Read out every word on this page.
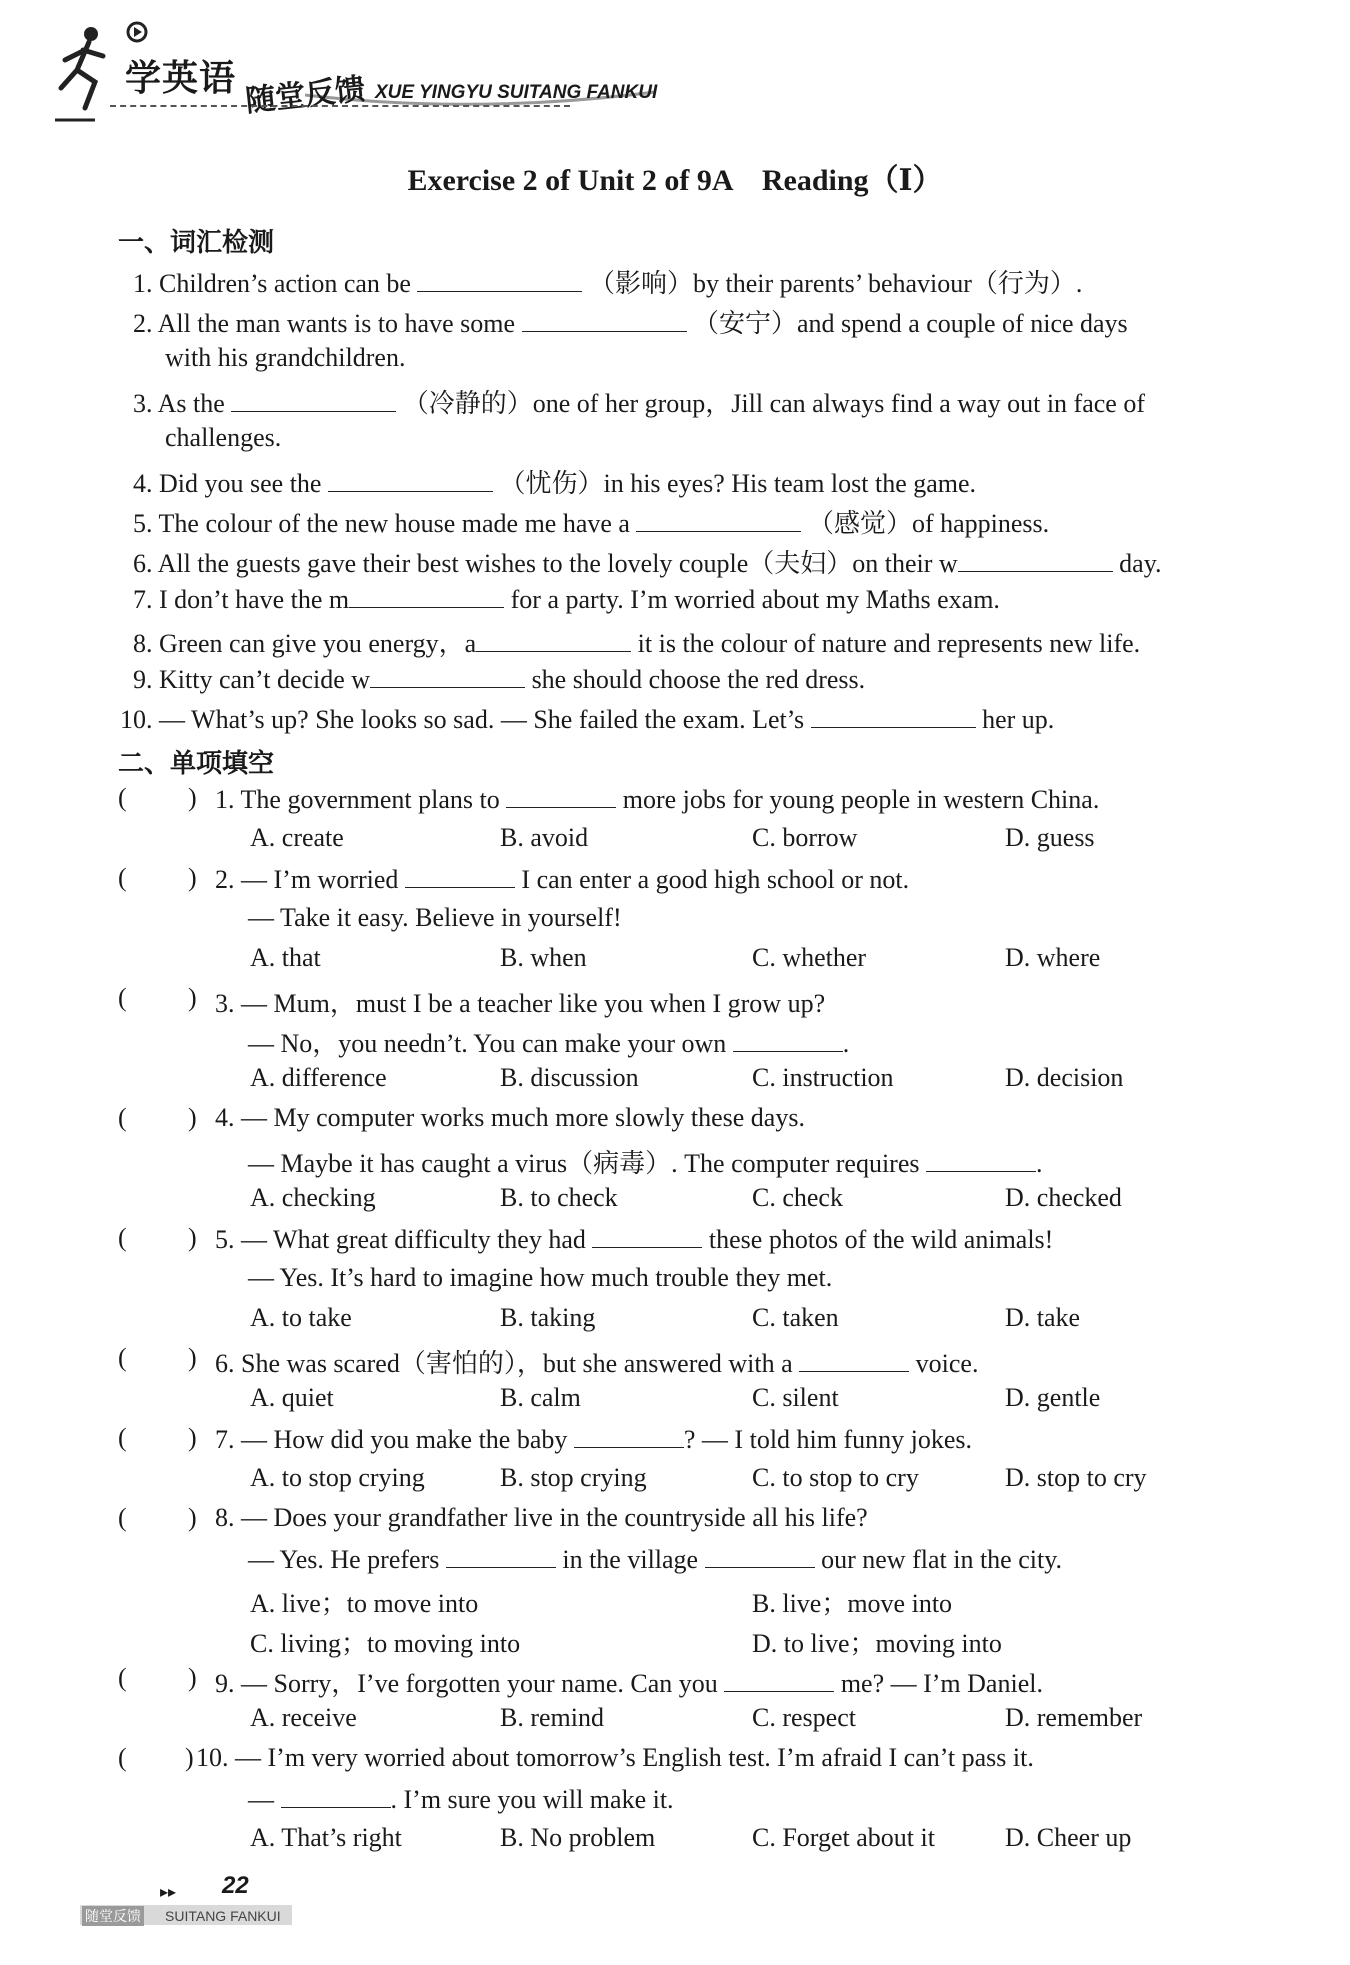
学英语 随堂反馈 XUE YINGYU SUITANG FANKUI
Exercise 2 of Unit 2 of 9A　Reading（Ⅰ）
一、词汇检测
1. Children’s action can be	（影响）by their parents’ behaviour（行为）.
2. All the man wants is to have some	（安宁）and spend a couple of nice days
with his grandchildren.
3. As the	（冷静的）one of her group，Jill can always find a way out in face of
challenges.
4. Did you see the	（忧伤）in his eyes? His team lost the game.
5. The colour of the new house made me have a	（感觉）of happiness.
6. All the guests gave their best wishes to the lovely couple（夫妇）on their w	day.
7. I don’t have the m	for a party. I’m worried about my Maths exam.
8. Green can give you energy，a	it is the colour of nature and represents new life.
9. Kitty can’t decide w	she should choose the red dress.
10. — What’s up? She looks so sad. — She failed the exam. Let’s	her up.
二、单项填空
( ) 1. The government plans to	more jobs for young people in western China.
A. create	B. avoid	C. borrow	D. guess
( ) 2. — I’m worried	I can enter a good high school or not.
— Take it easy. Believe in yourself!
A. that	B. when	C. whether	D. where
( ) 3. — Mum，must I be a teacher like you when I grow up?
— No，you needn’t. You can make your own	.
A. difference	B. discussion	C. instruction	D. decision
( ) 4. — My computer works much more slowly these days.
— Maybe it has caught a virus（病毒）. The computer requires	.
A. checking	B. to check	C. check	D. checked
( ) 5. — What great difficulty they had	these photos of the wild animals!
— Yes. It’s hard to imagine how much trouble they met.
A. to take	B. taking	C. taken	D. take
( ) 6. She was scared（害怕的），but she answered with a	voice.
A. quiet	B. calm	C. silent	D. gentle
( ) 7. — How did you make the baby	? — I told him funny jokes.
A. to stop crying	B. stop crying	C. to stop to cry	D. stop to cry
( ) 8. — Does your grandfather live in the countryside all his life?
— Yes. He prefers	in the village	our new flat in the city.
A. live；to move into	B. live；move into
C. living；to moving into	D. to live；moving into
( ) 9. — Sorry，I’ve forgotten your name. Can you	me? — I’m Daniel.
A. receive	B. remind	C. respect	D. remember
( ) 10. — I’m very worried about tomorrow’s English test. I’m afraid I can’t pass it.
—	. I’m sure you will make it.
A. That’s right	B. No problem	C. Forget about it	D. Cheer up
▸▸ 22
随堂反馈 SUITANG FANKUI
